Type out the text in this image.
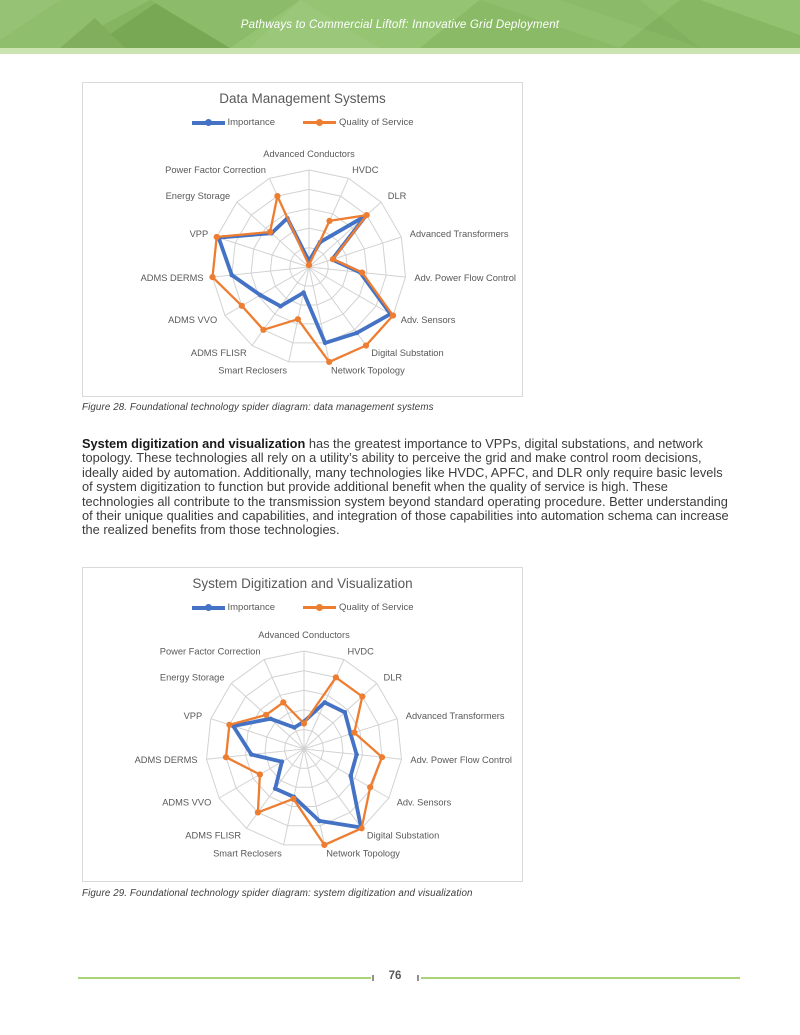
Pathways to Commercial Liftoff: Innovative Grid Deployment
Data Management Systems
Importance	Quality of Service
Advanced Conductors
HVDC
DLR
Advanced Transformers
Adv. Power Flow Control
Adv. Sensors
Digital Substation
Network Topology
Smart Reclosers
ADMS FLISR
ADMS VVO
ADMS DERMS
VPP
Energy Storage
Power Factor Correction

Figure 28. Foundational technology spider diagram: data management systems

System digitization and visualization has the greatest importance to VPPs, digital substations, and network topology. These technologies all rely on a utility’s ability to perceive the grid and make control room decisions, ideally aided by automation. Additionally, many technologies like HVDC, APFC, and DLR only require basic levels of system digitization to function but provide additional benefit when the quality of service is high. These technologies all contribute to the transmission system beyond standard operating procedure. Better understanding of their unique qualities and capabilities, and integration of those capabilities into automation schema can increase the realized benefits from those technologies.

System Digitization and Visualization
Importance	Quality of Service
Advanced Conductors
HVDC
DLR
Advanced Transformers
Adv. Power Flow Control
Adv. Sensors
Digital Substation
Network Topology
Smart Reclosers
ADMS FLISR
ADMS VVO
ADMS DERMS
VPP
Energy Storage
Power Factor Correction

Figure 29. Foundational technology spider diagram: system digitization and visualization

76
